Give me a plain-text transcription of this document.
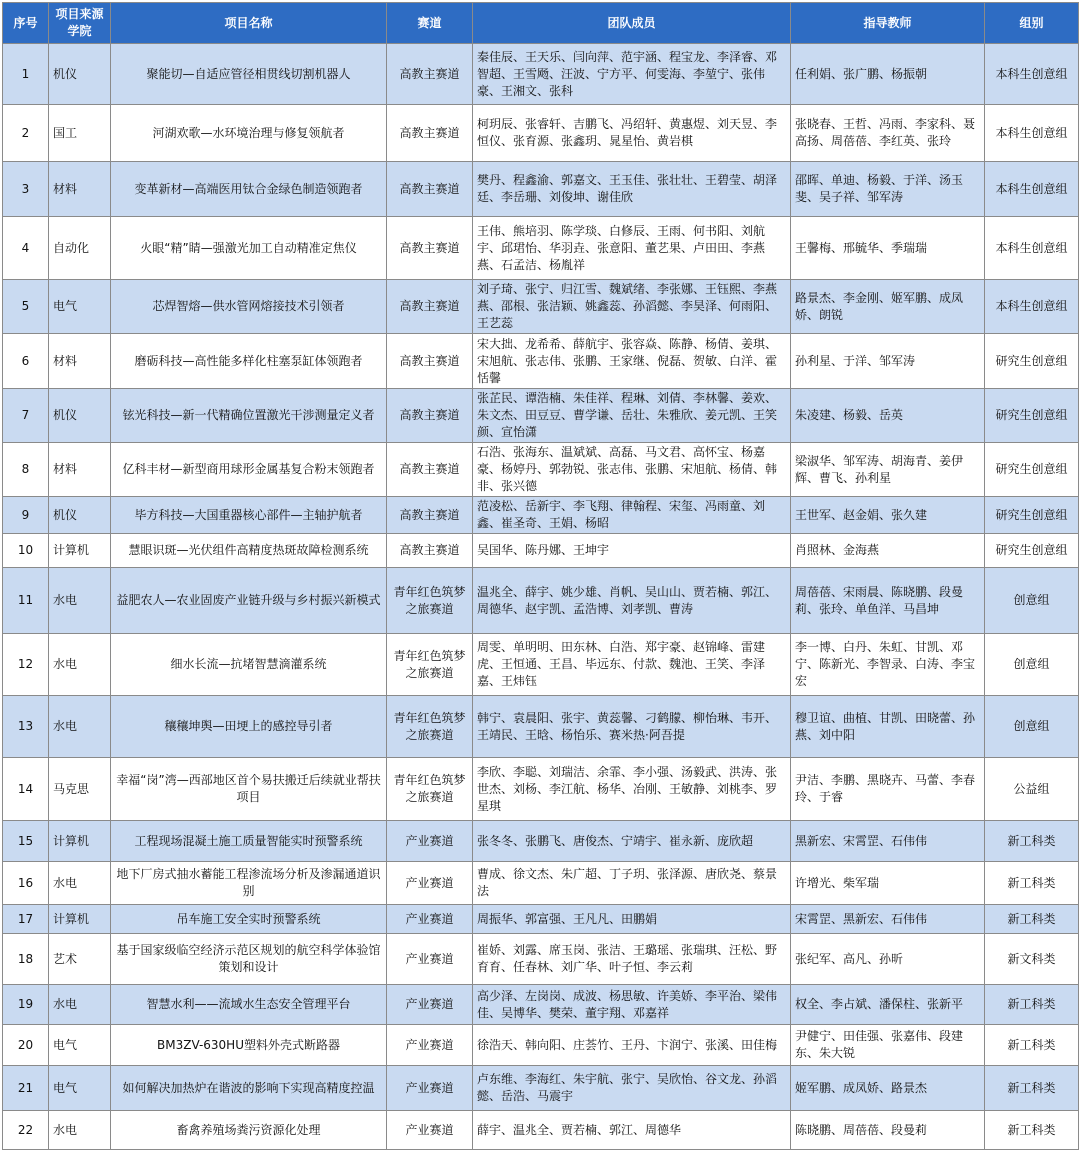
序号	项目来源学院	项目名称	赛道	团队成员	指导教师	组别
1	机仪	聚能切—自适应管径相贯线切割机器人	高教主赛道	秦佳辰、王天乐、闫向萍、范宇涵、程宝龙、李泽睿、邓智超、王雪飏、汪波、宁方平、何雯海、李堃宁、张伟豪、王湘文、张科	任利娟、张广鹏、杨振朝	本科生创意组
2	国工	河湖欢歌—水环境治理与修复领航者	高教主赛道	柯玥辰、张睿轩、吉鹏飞、冯绍轩、黄惠煜、刘天昱、李恒仪、张育源、张鑫玥、晁星怡、黄岩棋	张晓春、王哲、冯雨、李家科、聂高扬、周蓓蓓、李红英、张玲	本科生创意组
3	材料	变革新材—高端医用钛合金绿色制造领跑者	高教主赛道	樊丹、程鑫渝、郭嘉文、王玉佳、张壮壮、王碧莹、胡泽廷、李岳珊、刘俊坤、谢佳欣	邵晖、单迪、杨毅、于洋、汤玉斐、吴子祥、邹军涛	本科生创意组
4	自动化	火眼“精”睛—强激光加工自动精准定焦仪	高教主赛道	王伟、熊培羽、陈学琰、白修辰、王雨、何书阳、刘航宇、邱珺怡、华羽垚、张意阳、董艺果、卢田田、李燕燕、石孟洁、杨胤祥	王馨梅、邢毓华、季瑞瑞	本科生创意组
5	电气	芯焊智熔—供水管网熔接技术引领者	高教主赛道	刘子琦、张宁、归江雪、魏斌绪、李张娜、王钰熙、李燕燕、邵根、张洁颖、姚鑫蕊、孙滔懿、李昊泽、何雨阳、王艺蕊	路景杰、李金刚、姬军鹏、成凤娇、朗锐	本科生创意组
6	材料	磨砺科技—高性能多样化柱塞泵缸体领跑者	高教主赛道	宋大拙、龙希希、薛航宇、张容焱、陈静、杨倩、姜琪、宋旭航、张志伟、张鹏、王家继、倪磊、贺敏、白洋、霍恬馨	孙利星、于洋、邹军涛	研究生创意组
7	机仪	铉光科技—新一代精确位置激光干涉测量定义者	高教主赛道	张芷民、谭浩楠、朱佳祥、程琳、刘倩、李林馨、姜欢、朱文杰、田豆豆、曹学谦、岳壮、朱雅欣、姜元凯、王笑颜、宣怡潇	朱凌建、杨毅、岳英	研究生创意组
8	材料	亿科丰材—新型商用球形金属基复合粉末领跑者	高教主赛道	石浩、张海东、温斌斌、高磊、马文君、高怀宝、杨嘉豪、杨婷丹、郭勃锐、张志伟、张鹏、宋旭航、杨倩、韩非、张兴德	梁淑华、邹军涛、胡海青、姜伊辉、曹飞、孙利星	研究生创意组
9	机仪	毕方科技—大国重器核心部件—主轴护航者	高教主赛道	范凌松、岳新宇、李飞翔、律翰程、宋玺、冯雨童、刘鑫、崔圣奇、王娟、杨昭	王世军、赵金娟、张久建	研究生创意组
10	计算机	慧眼识斑—光伏组件高精度热斑故障检测系统	高教主赛道	吴国华、陈丹娜、王坤宇	肖照林、金海燕	研究生创意组
11	水电	益肥农人—农业固废产业链升级与乡村振兴新模式	青年红色筑梦之旅赛道	温兆全、薛宇、姚少雄、肖帆、吴山山、贾若楠、郭江、周德华、赵宇凯、孟浩博、刘孝凯、曹涛	周蓓蓓、宋雨晨、陈晓鹏、段曼莉、张玲、单鱼洋、马昌坤	创意组
12	水电	细水长流—抗堵智慧滴灌系统	青年红色筑梦之旅赛道	周雯、单明明、田东林、白浩、郑宇豪、赵锦峰、雷建虎、王恒通、王昌、毕远东、付款、魏池、王笑、李泽嘉、王炜钰	李一博、白丹、朱虹、甘凯、邓宁、陈新光、李智录、白涛、李宝宏	创意组
13	水电	穰穰坤舆—田埂上的感控导引者	青年红色筑梦之旅赛道	韩宁、袁晨阳、张宇、黄蕊馨、刁鹤朦、柳怡琳、韦开、王靖民、王晗、杨怡乐、赛米热·阿吾提	穆卫谊、曲植、甘凯、田晓蕾、孙燕、刘中阳	创意组
14	马克思	幸福“岗”湾—西部地区首个易扶搬迁后续就业帮扶项目	青年红色筑梦之旅赛道	李欣、李聪、刘瑞洁、余霏、李小强、汤毅武、洪涛、张世杰、刘杨、李江航、杨华、冶刚、王敏静、刘桃李、罗星琪	尹洁、李鹏、黑晓卉、马蕾、李春玲、于睿	公益组
15	计算机	工程现场混凝土施工质量智能实时预警系统	产业赛道	张冬冬、张鹏飞、唐俊杰、宁靖宇、崔永新、庞欣超	黑新宏、宋霄罡、石伟伟	新工科类
16	水电	地下厂房式抽水蓄能工程渗流场分析及渗漏通道识别	产业赛道	曹成、徐文杰、朱广超、丁子玥、张泽源、唐欣尧、蔡景法	许增光、柴军瑞	新工科类
17	计算机	吊车施工安全实时预警系统	产业赛道	周振华、郭富强、王凡凡、田鹏娟	宋霄罡、黑新宏、石伟伟	新工科类
18	艺术	基于国家级临空经济示范区规划的航空科学体验馆策划和设计	产业赛道	崔娇、刘露、席玉岗、张洁、王璐瑶、张瑞琪、汪松、野育育、任春林、刘广华、叶子恒、李云莉	张纪军、高凡、孙昕	新文科类
19	水电	智慧水利——流域水生态安全管理平台	产业赛道	高少泽、左岗岗、成波、杨思敏、许美娇、李平治、梁伟佳、吴博华、樊荣、董宇翔、邓嘉祥	权全、李占斌、潘保柱、张新平	新工科类
20	电气	BM3ZV-630HU塑料外壳式断路器	产业赛道	徐浩天、韩向阳、庄荟竹、王丹、卞润宁、张溪、田佳梅	尹健宁、田佳强、张嘉伟、段建东、朱大锐	新工科类
21	电气	如何解决加热炉在谐波的影响下实现高精度控温	产业赛道	卢东维、李海红、朱宇航、张宁、吴欣怡、谷文龙、孙滔懿、岳浩、马震宇	姬军鹏、成凤娇、路景杰	新工科类
22	水电	畜禽养殖场粪污资源化处理	产业赛道	薛宇、温兆全、贾若楠、郭江、周德华	陈晓鹏、周蓓蓓、段曼莉	新工科类
